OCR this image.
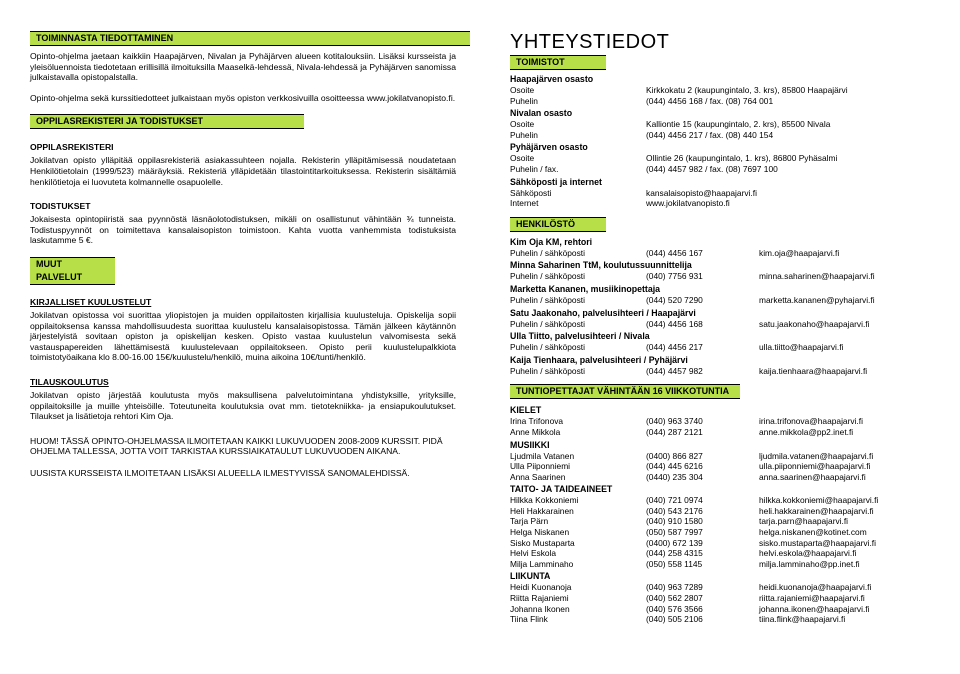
TOIMINNASTA TIEDOTTAMINEN

Opinto-ohjelma jaetaan kaikkiin Haapajärven, Nivalan ja Pyhäjärven alueen kotitalouksiin. Lisäksi kursseista ja yleisöluennoista tiedotetaan erillisillä ilmoituksilla Maaselkä-lehdessä, Nivala-lehdessä ja Pyhäjärven sanomissa julkaistavalla opistopalstalla.

Opinto-ohjelma sekä kurssitiedotteet julkaistaan myös opiston verkkosivuilla osoitteessa www.jokilatvanopisto.fi.

OPPILASREKISTERI JA TODISTUKSET
OPPILASREKISTERI

Jokilatvan opisto ylläpitää oppilasrekisteriä asiakassuhteen nojalla. Rekisterin ylläpitämisessä noudatetaan Henkilötietolain (1999/523) määräyksiä. Rekisteriä ylläpidetään tilastointitarkoituksessa. Rekisterin sisältämiä henkilötietoja ei luovuteta kolmannelle osapuolelle.

TODISTUKSET

Jokaisesta opintopiiristä saa pyynnöstä läsnäolotodistuksen, mikäli on osallistunut vähintään ¾ tunneista. Todistuspyynnöt on toimitettava kansalaisopiston toimistoon. Kahta vuotta vanhemmista todistuksista laskutamme 5 €.

MUUT PALVELUT
KIRJALLISET KUULUSTELUT

Jokilatvan opistossa voi suorittaa yliopistojen ja muiden oppilaitosten kirjallisia kuulusteluja. Opiskelija sopii oppilaitoksensa kanssa mahdollisuudesta suorittaa kuulustelu kansalaisopistossa. Tämän jälkeen käytännön järjestelyistä sovitaan opiston ja opiskelijan kesken. Opisto vastaa kuulustelun valvomisesta sekä vastauspapereiden lähettämisestä kuulustelevaan oppilaitokseen. Opisto perii kuulustelupalkkiota toimistotyöaikana klo 8.00-16.00 15€/kuulustelu/henkilö, muina aikoina 10€/tunti/henkilö.

TILAUSKOULUTUS

Jokilatvan opisto järjestää koulutusta myös maksullisena palvelutoimintana yhdistyksille, yrityksille, oppilaitoksille ja muille yhteisöille. Toteutuneita koulutuksia ovat mm. tietotekniikka- ja ensiapukoulutukset. Tilaukset ja lisätietoja rehtori Kim Oja.

HUOM! TÄSSÄ OPINTO-OHJELMASSA ILMOITETAAN KAIKKI LUKUVUODEN 2008-2009 KURSSIT. PIDÄ OHJELMA TALLESSA, JOTTA VOIT TARKISTAA KURSSIAIKATAULUT LUKUVUODEN AIKANA.

UUSISTA KURSSEISTA ILMOITETAAN LISÄKSI ALUEELLA ILMESTYVISSÄ SANOMALEHDISSÄ.

YHTEYSTIEDOT
TOIMISTOT
Haapajärven osasto
Osoite	Kirkkokatu 2 (kaupungintalo, 3. krs), 85800 Haapajärvi
Puhelin	(044) 4456 168 / fax. (08) 764 001
Nivalan osasto
Osoite	Kalliontie 15 (kaupungintalo, 2. krs), 85500 Nivala
Puhelin	(044) 4456 217 / fax. (08) 440 154
Pyhäjärven osasto
Osoite	Ollintie 26 (kaupungintalo, 1. krs), 86800 Pyhäsalmi
Puhelin / fax.	(044) 4457 982 / fax. (08) 7697 100
Sähköposti ja internet
Sähköposti	kansalaisopisto@haapajarvi.fi
Internet	www.jokilatvanopisto.fi
HENKILÖSTÖ
Kim Oja KM, rehtori
Puhelin / sähköposti	(044) 4456 167	kim.oja@haapajarvi.fi
Minna Saharinen TtM, koulutussuunnittelija
Puhelin / sähköposti	(040) 7756 931	minna.saharinen@haapajarvi.fi
Marketta Kananen, musiikinopettaja
Puhelin / sähköposti	(044) 520 7290	marketta.kananen@pyhajarvi.fi
Satu Jaakonaho, palvelusihteeri / Haapajärvi
Puhelin / sähköposti	(044) 4456 168	satu.jaakonaho@haapajarvi.fi
Ulla Tiitto, palvelusihteeri / Nivala
Puhelin / sähköposti	(044) 4456 217	ulla.tiitto@haapajarvi.fi
Kaija Tienhaara, palvelusihteeri / Pyhäjärvi
Puhelin / sähköposti	(044) 4457 982	kaija.tienhaara@haapajarvi.fi
TUNTIOPETTAJAT VÄHINTÄÄN 16 VIIKKOTUNTIA
KIELET
Irina Trifonova	(040) 963 3740	irina.trifonova@haapajarvi.fi
Anne Mikkola	(044) 287 2121	anne.mikkola@pp2.inet.fi
MUSIIKKI
Ljudmila Vatanen	(0400) 866 827	ljudmila.vatanen@haapajarvi.fi
Ulla Piiponniemi	(044) 445 6216	ulla.piiponniemi@haapajarvi.fi
Anna Saarinen	(0440) 235 304	anna.saarinen@haapajarvi.fi
TAITO- JA TAIDEAINEET
Hilkka Kokkoniemi	(040) 721 0974	hilkka.kokkoniemi@haapajarvi.fi
Heli Hakkarainen	(040) 543 2176	heli.hakkarainen@haapajarvi.fi
Tarja Pärn	(040) 910 1580	tarja.parn@haapajarvi.fi
Helga Niskanen	(050) 587 7997	helga.niskanen@kotinet.com
Sisko Mustaparta	(0400) 672 139	sisko.mustaparta@haapajarvi.fi
Helvi Eskola	(044) 258 4315	helvi.eskola@haapajarvi.fi
Milja Lamminaho	(050) 558 1145	milja.lamminaho@pp.inet.fi
LIIKUNTA
Heidi Kuonanoja	(040) 963 7289	heidi.kuonanoja@haapajarvi.fi
Riitta Rajaniemi	(040) 562 2807	riitta.rajaniemi@haapajarvi.fi
Johanna Ikonen	(040) 576 3566	johanna.ikonen@haapajarvi.fi
Tiina Flink	(040) 505 2106	tiina.flink@haapajarvi.fi
